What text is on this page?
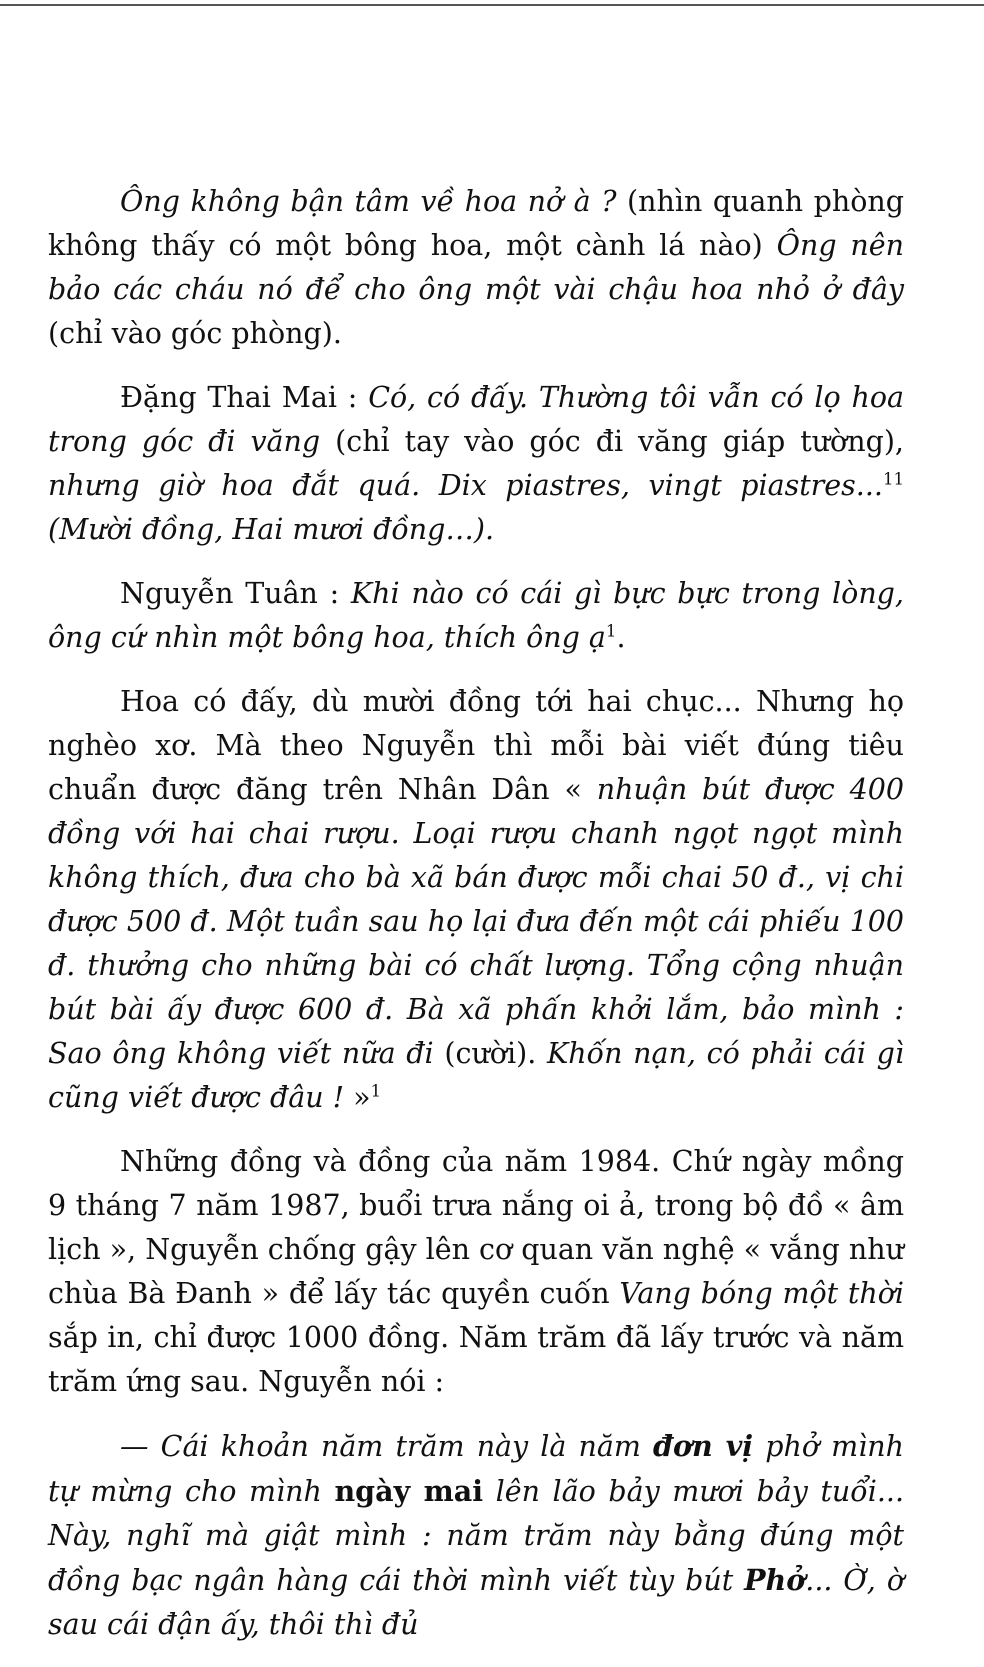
Ông không bận tâm về hoa nở à ? (nhìn quanh phòng không thấy có một bông hoa, một cành lá nào) Ông nên bảo các cháu nó để cho ông một vài chậu hoa nhỏ ở đây (chỉ vào góc phòng).

Đặng Thai Mai : Có, có đấy. Thường tôi vẫn có lọ hoa trong góc đi văng (chỉ tay vào góc đi văng giáp tường), nhưng giờ hoa đắt quá. Dix piastres, vingt piastres...$^{11}$ (Mười đồng, Hai mươi đồng…).

Nguyễn Tuân : Khi nào có cái gì bực bực trong lòng, ông cứ nhìn một bông hoa, thích ông ạ$^1$.

Hoa có đấy, dù mười đồng tới hai chục... Nhưng họ nghèo xơ. Mà theo Nguyễn thì mỗi bài viết đúng tiêu chuẩn được đăng trên Nhân Dân « nhuận bút được 400 đồng với hai chai rượu. Loại rượu chanh ngọt ngọt mình không thích, đưa cho bà xã bán được mỗi chai 50 đ., vị chi được 500 đ. Một tuần sau họ lại đưa đến một cái phiếu 100 đ. thưởng cho những bài có chất lượng. Tổng cộng nhuận bút bài ấy được 600 đ. Bà xã phấn khởi lắm, bảo mình : Sao ông không viết nữa đi (cười). Khốn nạn, có phải cái gì cũng viết được đâu ! »$^1$

Những đồng và đồng của năm 1984. Chứ ngày mồng 9 tháng 7 năm 1987, buổi trưa nắng oi ả, trong bộ đồ « âm lịch », Nguyễn chống gậy lên cơ quan văn nghệ « vắng như chùa Bà Đanh » để lấy tác quyền cuốn Vang bóng một thời sắp in, chỉ được 1000 đồng. Năm trăm đã lấy trước và năm trăm ứng sau. Nguyễn nói :

— Cái khoản năm trăm này là năm đơn vị phở mình tự mừng cho mình ngày mai lên lão bảy mươi bảy tuổi... Này, nghĩ mà giật mình : năm trăm này bằng đúng một đồng bạc ngân hàng cái thời mình viết tùy bút Phở... Ờ, ờ sau cái đận ấy, thôi thì đủ
